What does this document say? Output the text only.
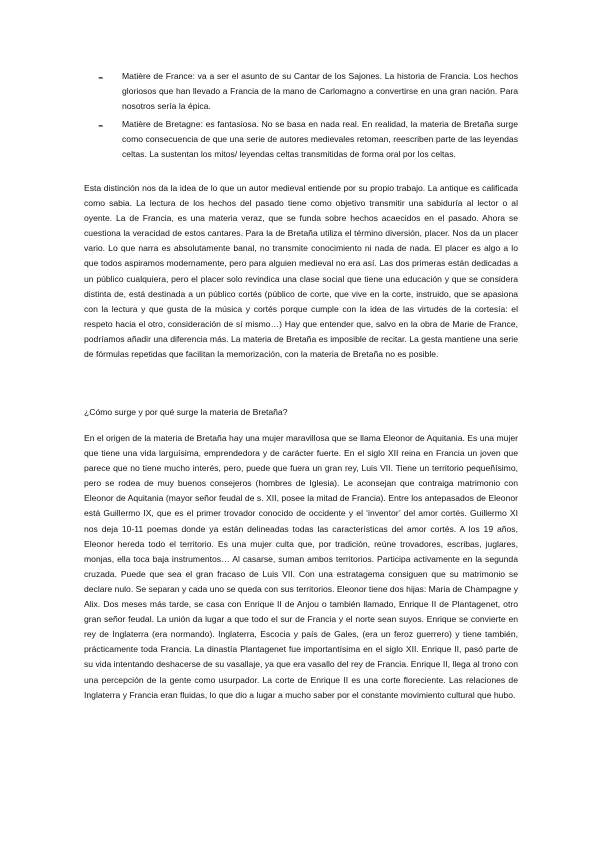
- Matière de France: va a ser el asunto de su Cantar de los Sajones. La historia de Francia. Los hechos gloriosos que han llevado a Francia de la mano de Carlomagno a convertirse en una gran nación. Para nosotros sería la épica.

- Matière de Bretagne: es fantasiosa. No se basa en nada real. En realidad, la materia de Bretaña surge como consecuencia de que una serie de autores medievales retoman, reescriben parte de las leyendas celtas. La sustentan los mitos/ leyendas celtas transmitidas de forma oral por los celtas.

Esta distinción nos da la idea de lo que un autor medieval entiende por su propio trabajo. La antique es calificada como sabia. La lectura de los hechos del pasado tiene como objetivo transmitir una sabiduría al lector o al oyente. La de Francia, es una materia veraz, que se funda sobre hechos acaecidos en el pasado. Ahora se cuestiona la veracidad de estos cantares. Para la de Bretaña utiliza el término diversión, placer. Nos da un placer vario. Lo que narra es absolutamente banal, no transmite conocimiento ni nada de nada. El placer es algo a lo que todos aspiramos modernamente, pero para alguien medieval no era así. Las dos primeras están dedicadas a un público cualquiera, pero el placer solo revindica una clase social que tiene una educación y que se considera distinta de, está destinada a un público cortés (público de corte, que vive en la corte, instruido, que se apasiona con la lectura y que gusta de la música y cortés porque cumple con la idea de las virtudes de la cortesía: el respeto hacia el otro, consideración de sí mismo…) Hay que entender que, salvo en la obra de Marie de France, podríamos añadir una diferencia más. La materia de Bretaña es imposible de recitar. La gesta mantiene una serie de fórmulas repetidas que facilitan la memorización, con la materia de Bretaña no es posible.

¿Cómo surge y por qué surge la materia de Bretaña?

En el origen de la materia de Bretaña hay una mujer maravillosa que se llama Eleonor de Aquitania. Es una mujer que tiene una vida larguísima, emprendedora y de carácter fuerte. En el siglo XII reina en Francia un joven que parece que no tiene mucho interés, pero, puede que fuera un gran rey, Luis VII. Tiene un territorio pequeñísimo, pero se rodea de muy buenos consejeros (hombres de Iglesia). Le aconsejan que contraiga matrimonio con Eleonor de Aquitania (mayor señor feudal de s. XII, posee la mitad de Francia). Entre los antepasados de Eleonor está Guillermo IX, que es el primer trovador conocido de occidente y el ‘inventor’ del amor cortés. Guillermo XI nos deja 10-11 poemas donde ya están delineadas todas las características del amor cortés. A los 19 años, Eleonor hereda todo el territorio. Es una mujer culta que, por tradición, reúne trovadores, escribas, juglares, monjas, ella toca baja instrumentos… Al casarse, suman ambos territorios. Participa activamente en la segunda cruzada. Puede que sea el gran fracaso de Luis VII. Con una estratagema consiguen que su matrimonio se declare nulo. Se separan y cada uno se queda con sus territorios. Eleonor tiene dos hijas: Maria de Champagne y Alix. Dos meses más tarde, se casa con Enrique II de Anjou o también llamado, Enrique II de Plantagenet, otro gran señor feudal. La unión da lugar a que todo el sur de Francia y el norte sean suyos. Enrique se convierte en rey de Inglaterra (era normando). Inglaterra, Escocia y país de Gales, (era un feroz guerrero) y tiene también, prácticamente toda Francia. La dinastía Plantagenet fue importantísima en el siglo XII. Enrique II, pasó parte de su vida intentando deshacerse de su vasallaje, ya que era vasallo del rey de Francia. Enrique II, llega al trono con una percepción de la gente como usurpador. La corte de Enrique II es una corte floreciente. Las relaciones de Inglaterra y Francia eran fluidas, lo que dio a lugar a mucho saber por el constante movimiento cultural que hubo.
